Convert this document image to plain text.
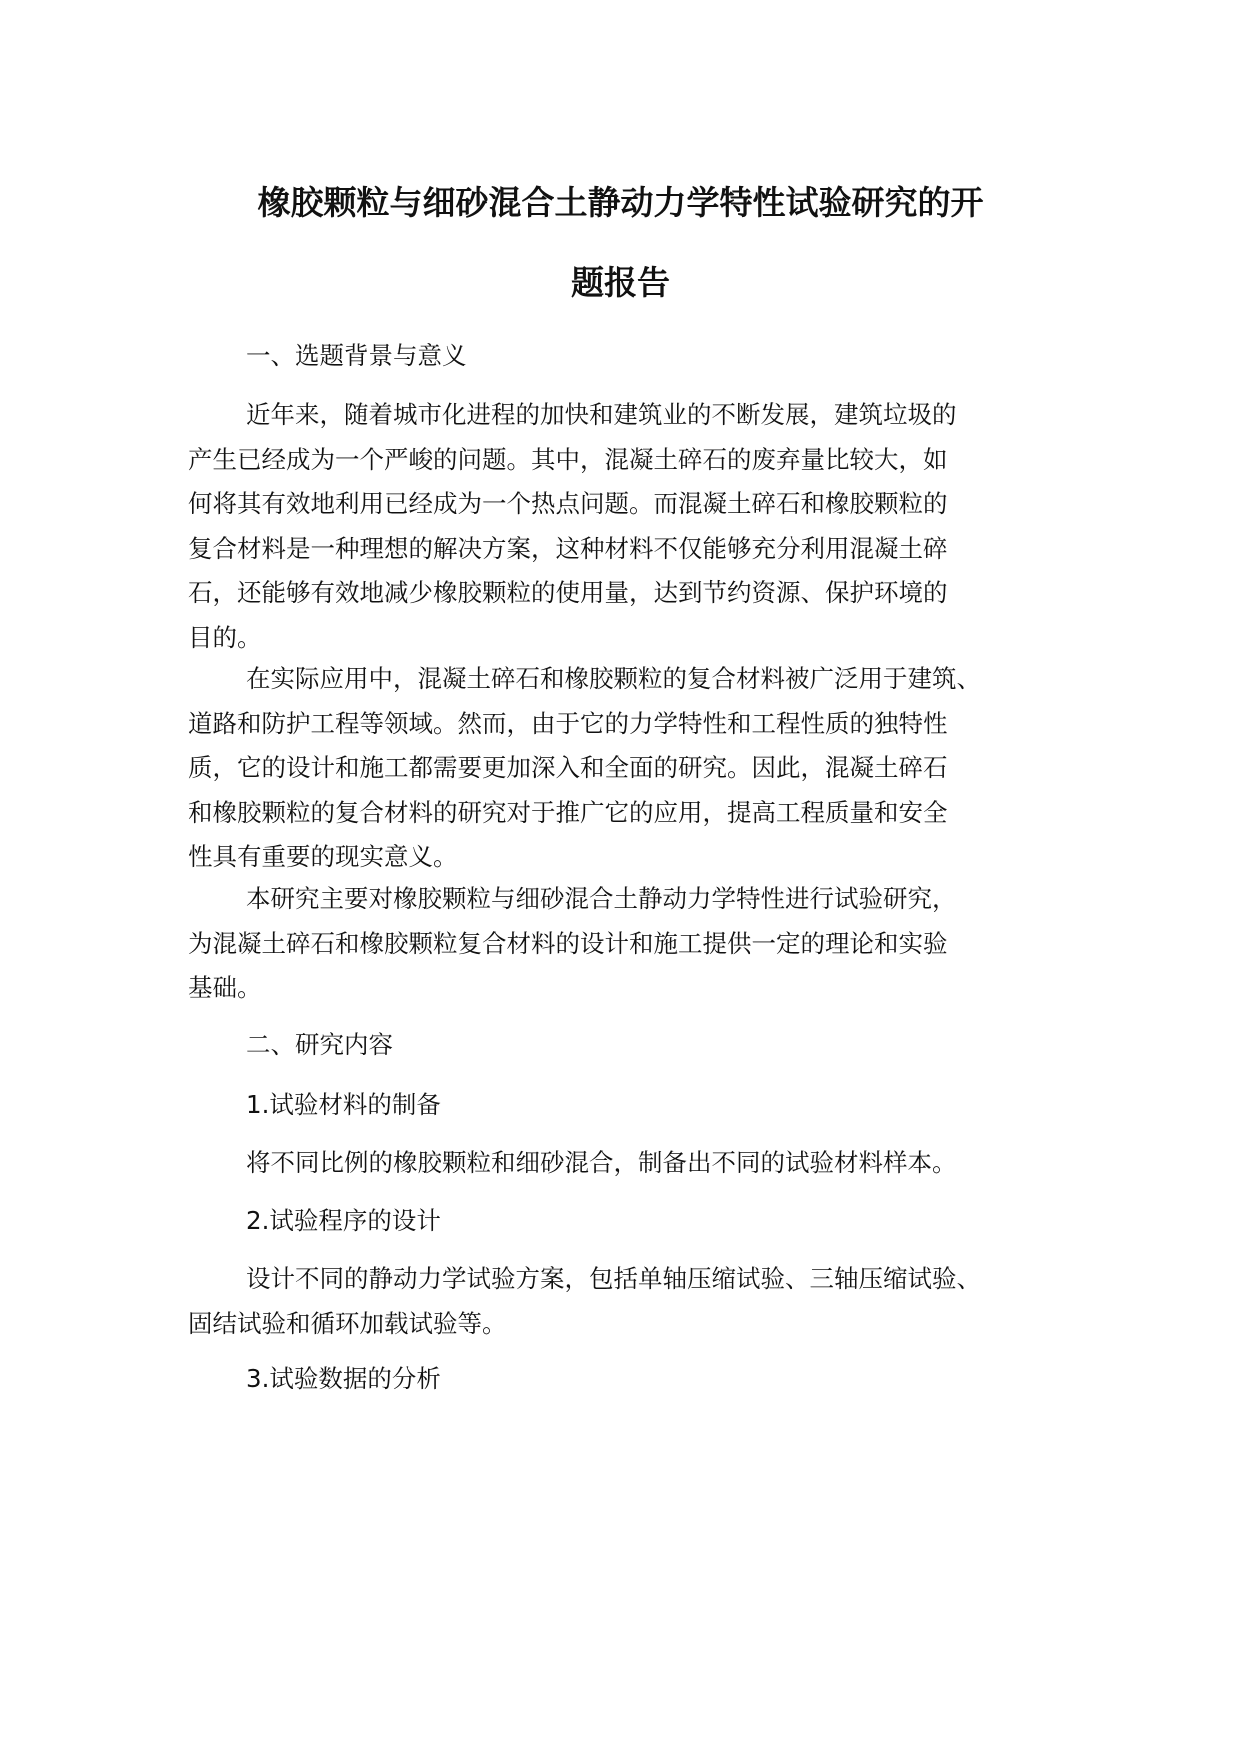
橡胶颗粒与细砂混合土静动力学特性试验研究的开
题报告
一、选题背景与意义
近年来，随着城市化进程的加快和建筑业的不断发展，建筑垃圾的
产生已经成为一个严峻的问题。其中，混凝土碎石的废弃量比较大，如
何将其有效地利用已经成为一个热点问题。而混凝土碎石和橡胶颗粒的
复合材料是一种理想的解决方案，这种材料不仅能够充分利用混凝土碎
石，还能够有效地减少橡胶颗粒的使用量，达到节约资源、保护环境的
目的。
在实际应用中，混凝土碎石和橡胶颗粒的复合材料被广泛用于建筑、
道路和防护工程等领域。然而，由于它的力学特性和工程性质的独特性
质，它的设计和施工都需要更加深入和全面的研究。因此，混凝土碎石
和橡胶颗粒的复合材料的研究对于推广它的应用，提高工程质量和安全
性具有重要的现实意义。
本研究主要对橡胶颗粒与细砂混合土静动力学特性进行试验研究，
为混凝土碎石和橡胶颗粒复合材料的设计和施工提供一定的理论和实验
基础。
二、研究内容
1.试验材料的制备
将不同比例的橡胶颗粒和细砂混合，制备出不同的试验材料样本。
2.试验程序的设计
设计不同的静动力学试验方案，包括单轴压缩试验、三轴压缩试验、
固结试验和循环加载试验等。
3.试验数据的分析
